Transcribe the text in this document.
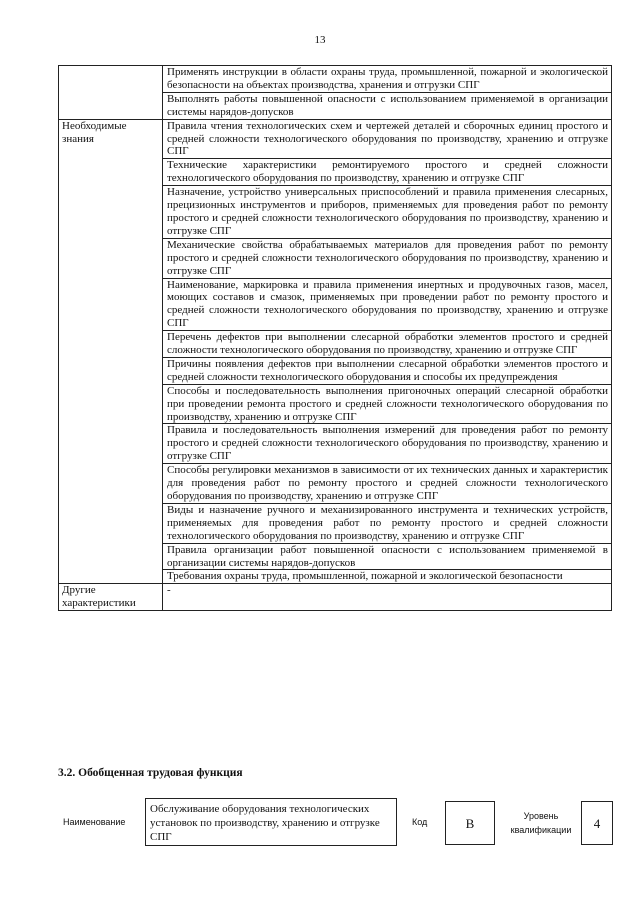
13
	Применять инструкции в области охраны труда, промышленной, пожарной и экологической безопасности на объектах производства, хранения и отгрузки СПГ
	Выполнять работы повышенной опасности с использованием применяемой в организации системы нарядов-допусков
Необходимые знания	Правила чтения технологических схем и чертежей деталей и сборочных единиц простого и средней сложности технологического оборудования по производству, хранению и отгрузке СПГ
	Технические характеристики ремонтируемого простого и средней сложности технологического оборудования по производству, хранению и отгрузке СПГ
	Назначение, устройство универсальных приспособлений и правила применения слесарных, прецизионных инструментов и приборов, применяемых для проведения работ по ремонту простого и средней сложности технологического оборудования по производству, хранению и отгрузке СПГ
	Механические свойства обрабатываемых материалов для проведения работ по ремонту простого и средней сложности технологического оборудования по производству, хранению и отгрузке СПГ
	Наименование, маркировка и правила применения инертных и продувочных газов, масел, моющих составов и смазок, применяемых при проведении работ по ремонту простого и средней сложности технологического оборудования по производству, хранению и отгрузке СПГ
	Перечень дефектов при выполнении слесарной обработки элементов простого и средней сложности технологического оборудования по производству, хранению и отгрузке СПГ
	Причины появления дефектов при выполнении слесарной обработки элементов простого и средней сложности технологического оборудования и способы их предупреждения
	Способы и последовательность выполнения пригоночных операций слесарной обработки при проведении ремонта простого и средней сложности технологического оборудования по производству, хранению и отгрузке СПГ
	Правила и последовательность выполнения измерений для проведения работ по ремонту простого и средней сложности технологического оборудования по производству, хранению и отгрузке СПГ
	Способы регулировки механизмов в зависимости от их технических данных и характеристик для проведения работ по ремонту простого и средней сложности технологического оборудования по производству, хранению и отгрузке СПГ
	Виды и назначение ручного и механизированного инструмента и технических устройств, применяемых для проведения работ по ремонту простого и средней сложности технологического оборудования по производству, хранению и отгрузке СПГ
	Правила организации работ повышенной опасности с использованием применяемой в организации системы нарядов-допусков
	Требования охраны труда, промышленной, пожарной и экологической безопасности
Другие характеристики	-
3.2. Обобщенная трудовая функция
Наименование
Обслуживание оборудования технологических установок по производству, хранению и отгрузке СПГ
Код	B	Уровень квалификации	4
